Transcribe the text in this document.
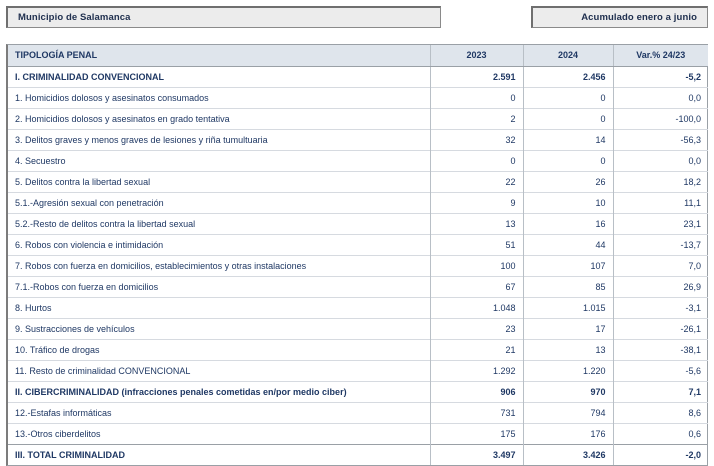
Municipio de Salamanca	Acumulado enero a junio
TIPOLOGÍA PENAL	2023	2024	Var.% 24/23
I. CRIMINALIDAD CONVENCIONAL	2.591	2.456	-5,2
1. Homicidios dolosos y asesinatos consumados	0	0	0,0
2. Homicidios dolosos y asesinatos en grado tentativa	2	0	-100,0
3. Delitos graves y menos graves de lesiones y riña tumultuaria	32	14	-56,3
4. Secuestro	0	0	0,0
5. Delitos contra la libertad sexual	22	26	18,2
5.1.-Agresión sexual con penetración	9	10	11,1
5.2.-Resto de delitos contra la libertad sexual	13	16	23,1
6. Robos con violencia e intimidación	51	44	-13,7
7. Robos con fuerza en domicilios, establecimientos y otras instalaciones	100	107	7,0
7.1.-Robos con fuerza en domicilios	67	85	26,9
8. Hurtos	1.048	1.015	-3,1
9. Sustracciones de vehículos	23	17	-26,1
10. Tráfico de drogas	21	13	-38,1
11. Resto de criminalidad CONVENCIONAL	1.292	1.220	-5,6
II. CIBERCRIMINALIDAD (infracciones penales cometidas en/por medio ciber)	906	970	7,1
12.-Estafas informáticas	731	794	8,6
13.-Otros ciberdelitos	175	176	0,6
III. TOTAL CRIMINALIDAD	3.497	3.426	-2,0
